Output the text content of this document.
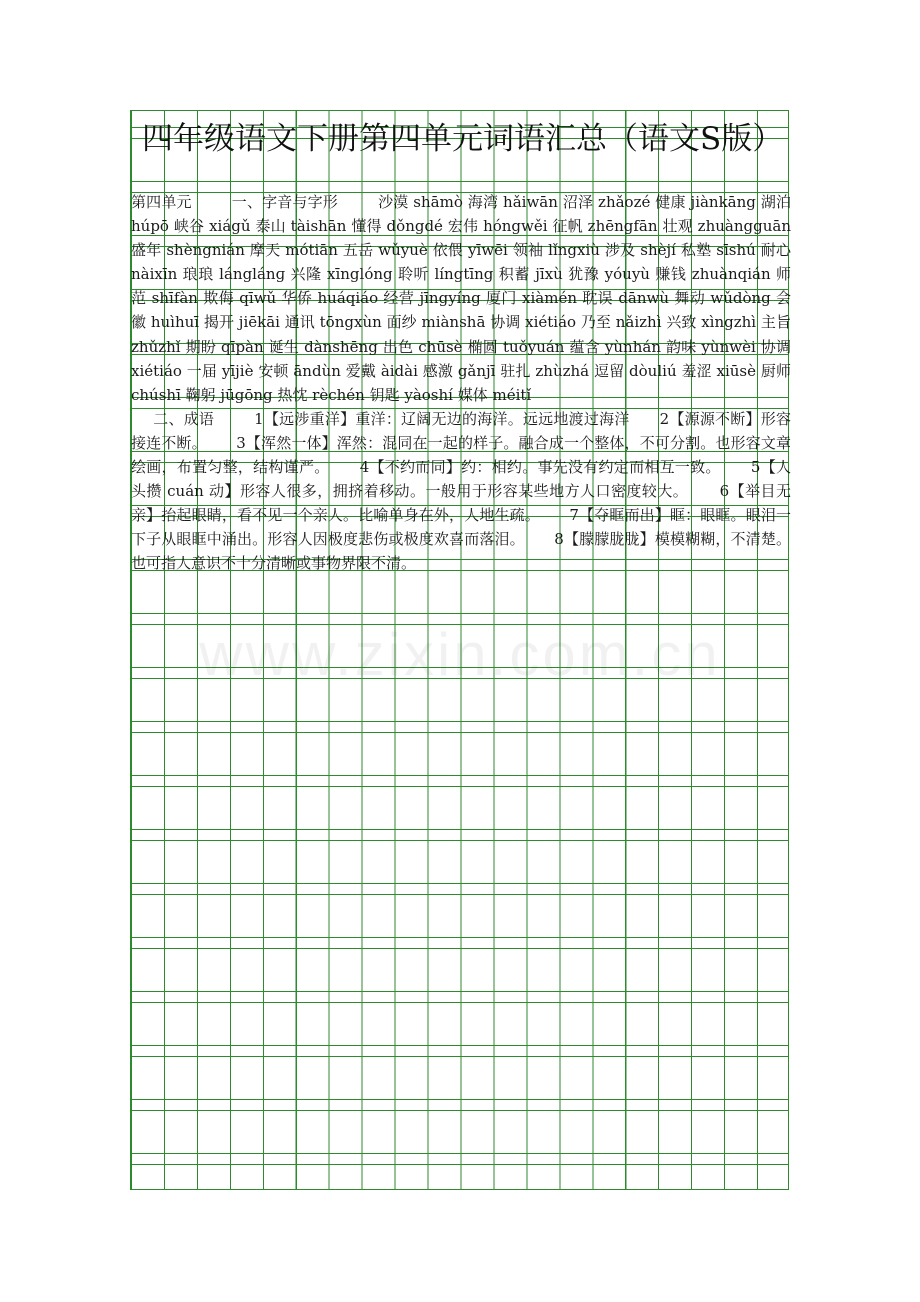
四年级语文下册第四单元词语汇总（语文S版）
第四单元	一、字音与字形	沙漠 shāmò 海湾 hǎiwān 沼泽 zhǎozé 健康 jiànkāng 湖泊 húpō 峡谷 xiágǔ 泰山 tàishān 懂得 dǒngdé 宏伟 hóngwěi 征帆 zhēngfān 壮观 zhuàngguān 盛年 shèngnián 摩天 mótiān 五岳 wǔyuè 依偎 yīwēi 领袖 lǐngxiù 涉及 shèjí 私塾 sīshú 耐心 nàixīn 琅琅 lánglánɡ 兴隆 xīnglóng 聆听 língtīng 积蓄 jīxù 犹豫 yóuyù 赚钱 zhuànqián 师范 shīfàn 欺侮 qīwǔ 华侨 huáqiáo 经营 jīngyíng 厦门 xiàmén 耽误 dānwù 舞动 wǔdòng 会徽 huìhuī 揭开 jiēkāi 通讯 tōngxùn 面纱 miànshā 协调 xiétiáo 乃至 nǎizhì 兴致 xìngzhì 主旨 zhǔzhǐ 期盼 qīpàn 诞生 dànshēng 出色 chūsè 椭圆 tuǒyuán 蕴含 yùnhán 韵味 yùnwèi 协调 xiétiáo 一届 yījiè 安顿 āndùn 爱戴 àidài 感激 gǎnjī 驻扎 zhùzhá 逗留 dòuliú 羞涩 xiūsè 厨师 chúshī 鞠躬 jūgōng 热忱 rèchén 钥匙 yàoshí 媒体 méitǐ
二、成语	1【远涉重洋】重洋：辽阔无边的海洋。远远地渡过海洋      2【源源不断】形容接连不断。      3【浑然一体】浑然：混同在一起的样子。融合成一个整体，不可分割。也形容文章绘画，布置匀整，结构谨严。      4【不约而同】约：相约。事先没有约定而相互一致。      5【人头攒 cuán 动】形容人很多，拥挤着移动。一般用于形容某些地方人口密度较大。      6【举目无亲】抬起眼睛，看不见一个亲人。比喻单身在外，人地生疏。      7【夺眶而出】眶：眼眶。眼泪一下子从眼眶中涌出。形容人因极度悲伤或极度欢喜而落泪。      8【朦朦胧胧】模模糊糊，不清楚。也可指人意识不十分清晰或事物界限不清。
www.zixin.com.cn
